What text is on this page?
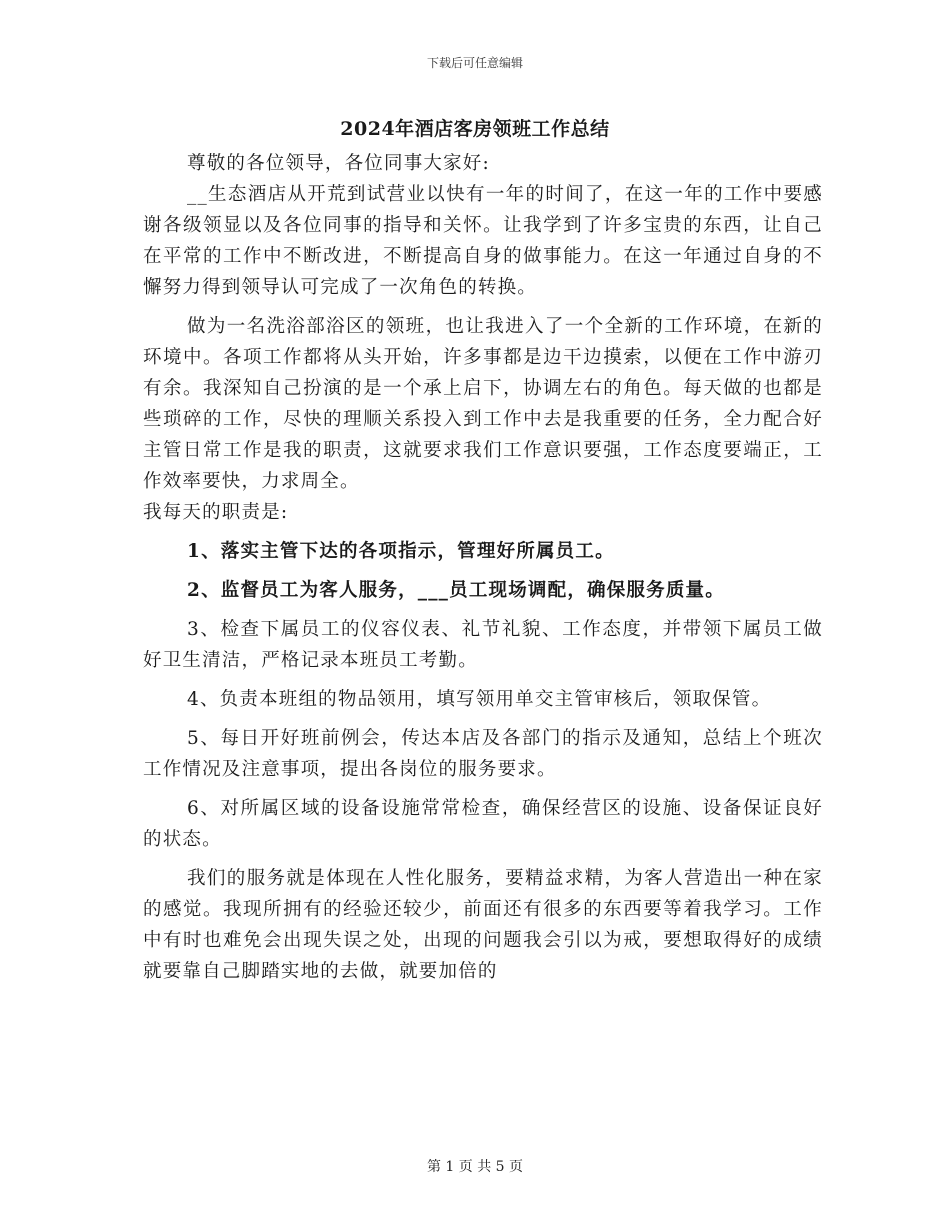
下载后可任意编辑
2024年酒店客房领班工作总结

尊敬的各位领导，各位同事大家好:

__生态酒店从开荒到试营业以快有一年的时间了，在这一年的工作中要感谢各级领显以及各位同事的指导和关怀。让我学到了许多宝贵的东西，让自己在平常的工作中不断改进，不断提高自身的做事能力。在这一年通过自身的不懈努力得到领导认可完成了一次角色的转换。

做为一名洗浴部浴区的领班，也让我进入了一个全新的工作环境，在新的环境中。各项工作都将从头开始，许多事都是边干边摸索，以便在工作中游刃有余。我深知自己扮演的是一个承上启下，协调左右的角色。每天做的也都是些琐碎的工作，尽快的理顺关系投入到工作中去是我重要的任务，全力配合好主管日常工作是我的职责，这就要求我们工作意识要强，工作态度要端正，工作效率要快，力求周全。

我每天的职责是:

1、落实主管下达的各项指示，管理好所属员工。

2、监督员工为客人服务，___员工现场调配，确保服务质量。

3、检查下属员工的仪容仪表、礼节礼貌、工作态度，并带领下属员工做好卫生清洁，严格记录本班员工考勤。

4、负责本班组的物品领用，填写领用单交主管审核后，领取保管。

5、每日开好班前例会，传达本店及各部门的指示及通知，总结上个班次工作情况及注意事项，提出各岗位的服务要求。

6、对所属区域的设备设施常常检查，确保经营区的设施、设备保证良好的状态。

我们的服务就是体现在人性化服务，要精益求精，为客人营造出一种在家的感觉。我现所拥有的经验还较少，前面还有很多的东西要等着我学习。工作中有时也难免会出现失误之处，出现的问题我会引以为戒，要想取得好的成绩就要靠自己脚踏实地的去做，就要加倍的

第 1 页 共 5 页
